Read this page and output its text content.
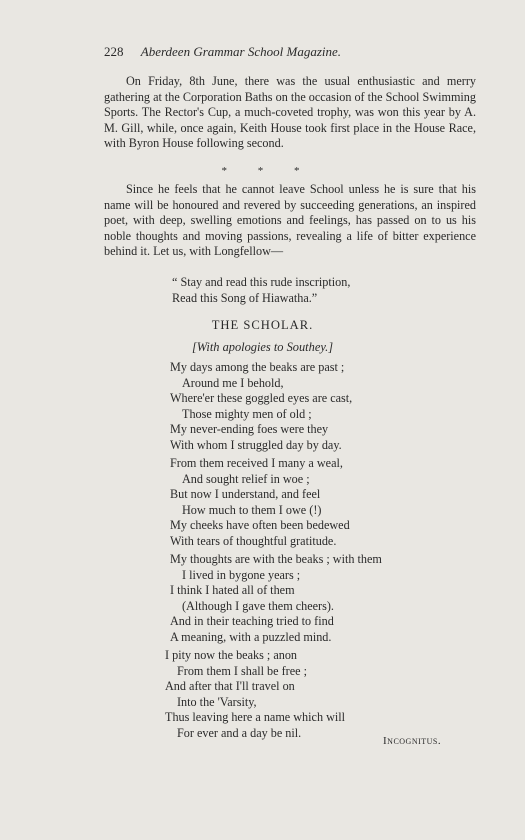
228 Aberdeen Grammar School Magazine.
On Friday, 8th June, there was the usual enthusiastic and merry gathering at the Corporation Baths on the occasion of the School Swimming Sports. The Rector's Cup, a much-coveted trophy, was won this year by A. M. Gill, while, once again, Keith House took first place in the House Race, with Byron House following second.
* * *
Since he feels that he cannot leave School unless he is sure that his name will be honoured and revered by succeeding generations, an inspired poet, with deep, swelling emotions and feelings, has passed on to us his noble thoughts and moving passions, revealing a life of bitter experience behind it. Let us, with Longfellow—
“ Stay and read this rude inscription,
Read this Song of Hiawatha.”
THE SCHOLAR.
[With apologies to Southey.]
My days among the beaks are past ;
Around me I behold,
Where'er these goggled eyes are cast,
Those mighty men of old ;
My never-ending foes were they
With whom I struggled day by day.
From them received I many a weal,
And sought relief in woe ;
But now I understand, and feel
How much to them I owe (!)
My cheeks have often been bedewed
With tears of thoughtful gratitude.
My thoughts are with the beaks ; with them
I lived in bygone years ;
I think I hated all of them
(Although I gave them cheers).
And in their teaching tried to find
A meaning, with a puzzled mind.
I pity now the beaks ; anon
From them I shall be free ;
And after that I'll travel on
Into the 'Varsity,
Thus leaving here a name which will
For ever and a day be nil.
Incognitus.
